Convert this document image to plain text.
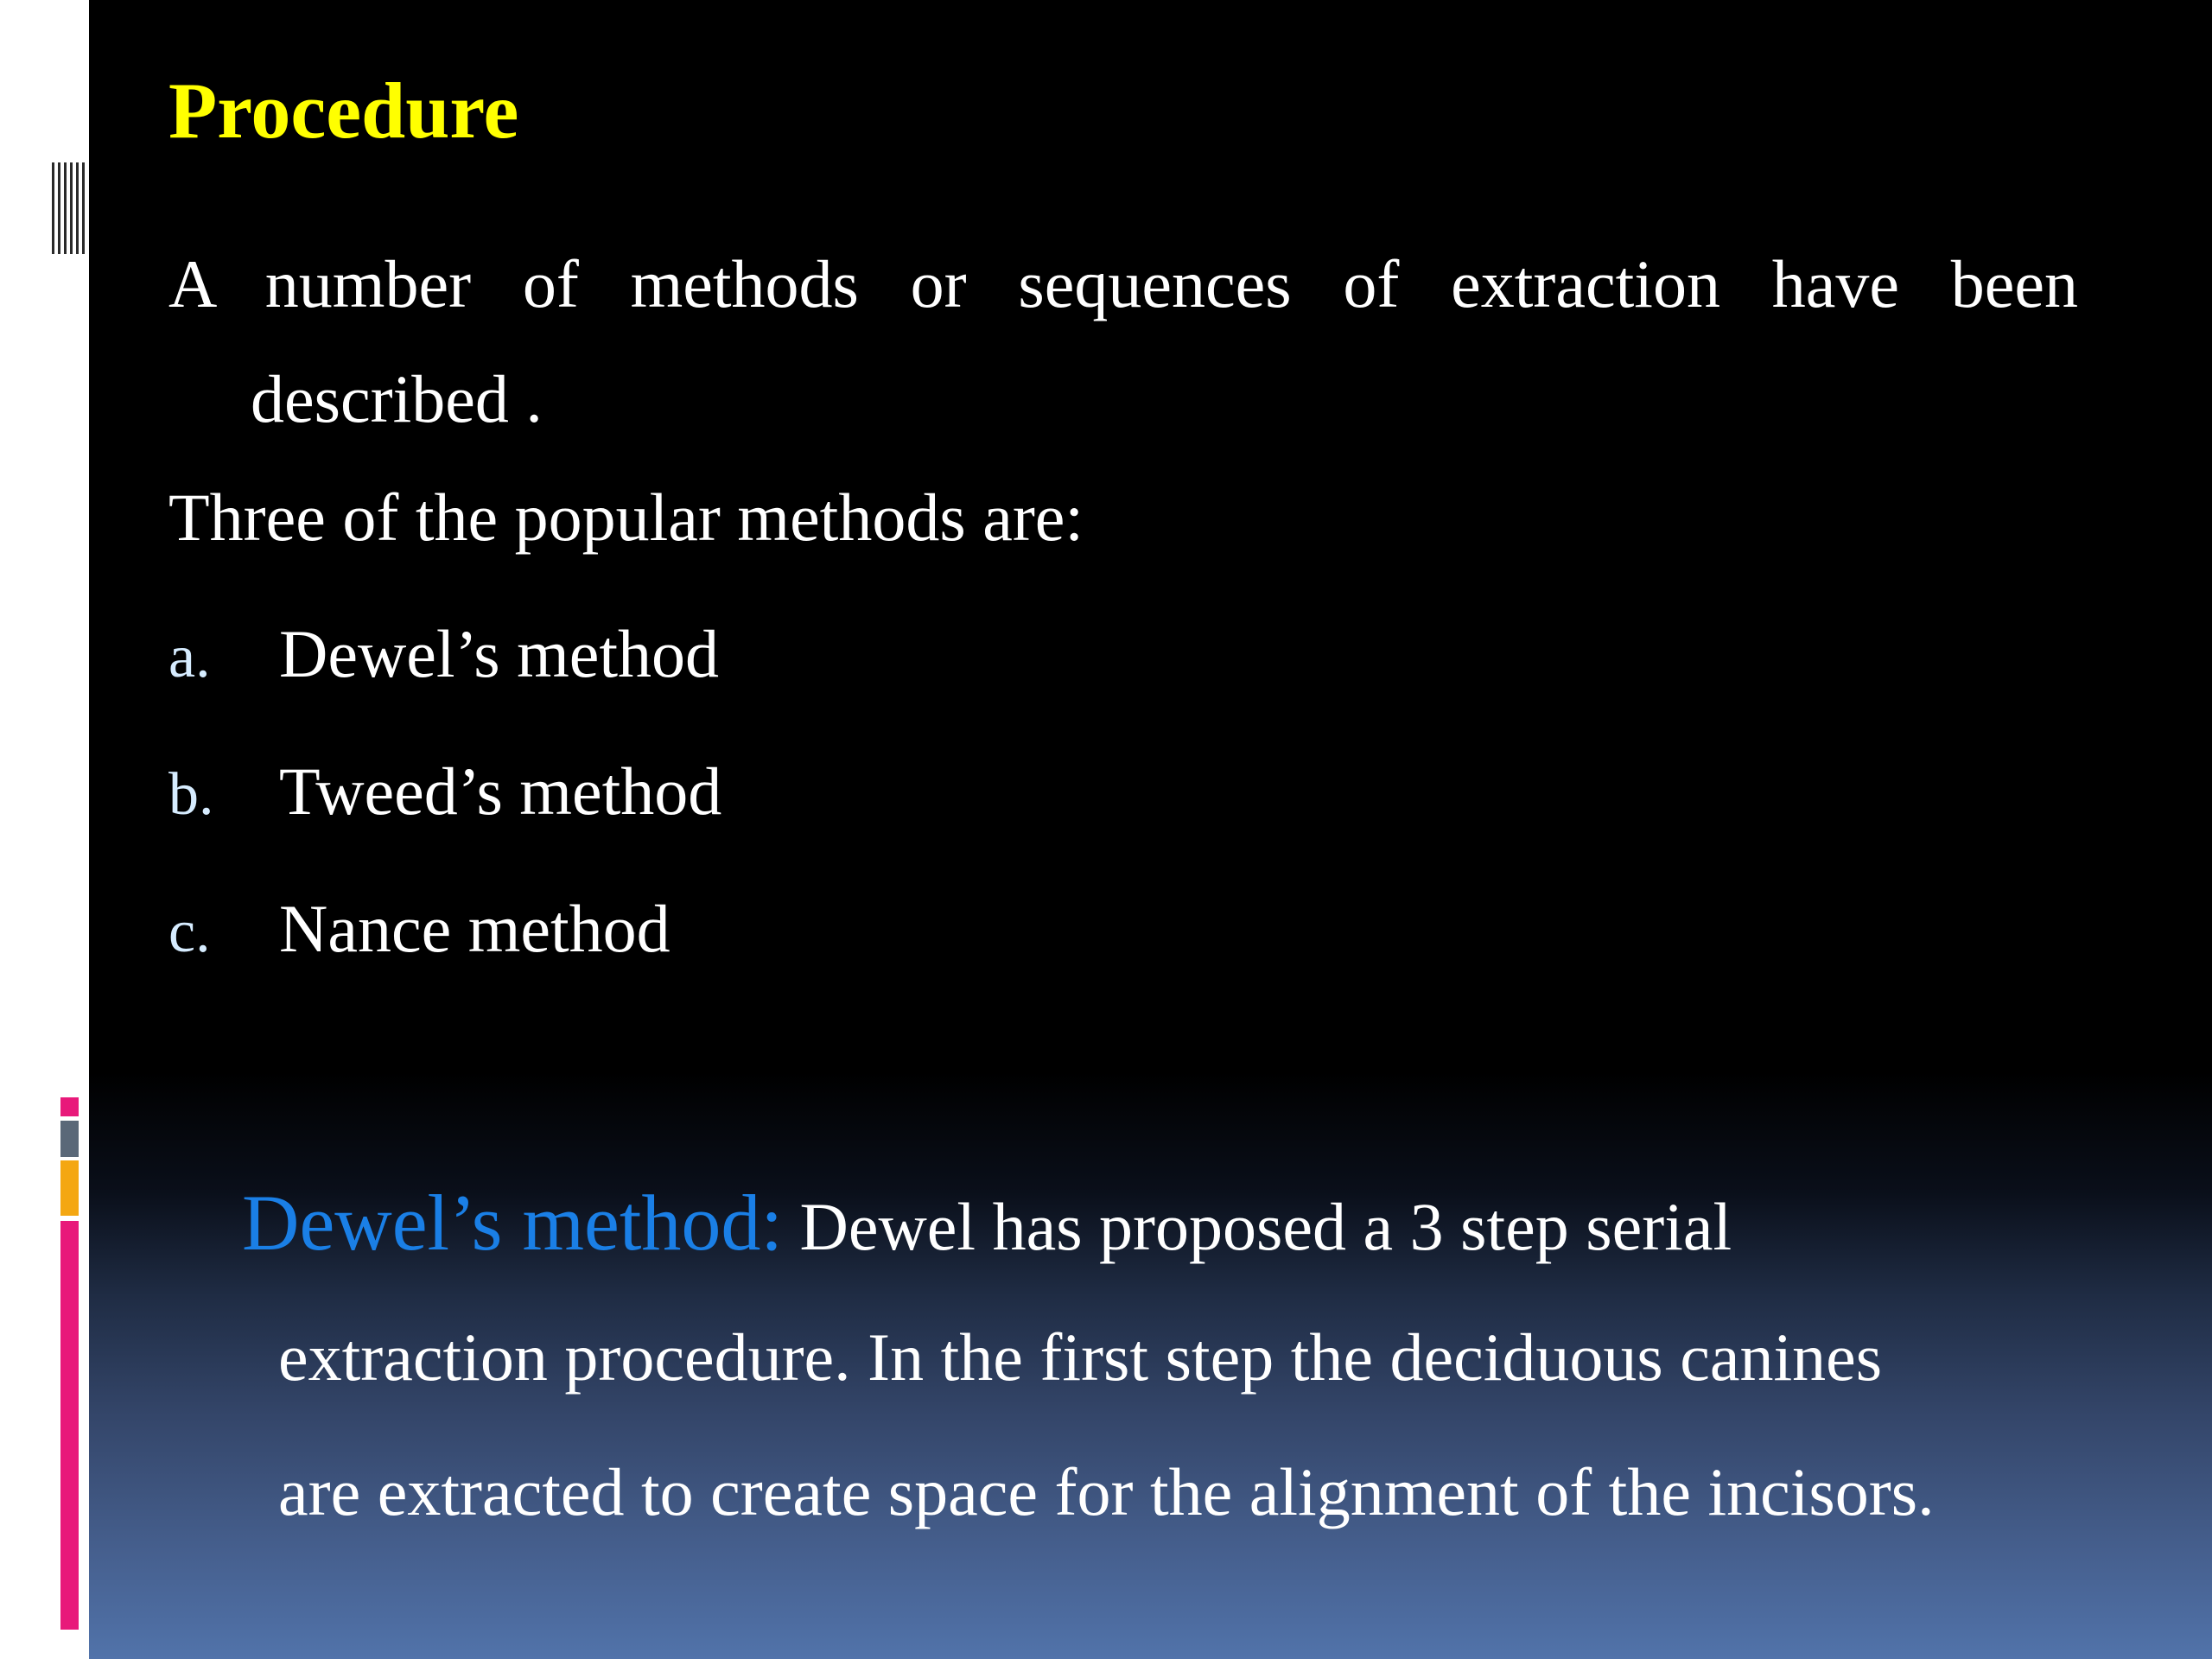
Procedure

A number of methods or sequences of extraction have been
described .

Three of the popular methods are:

a. Dewel’s method
b. Tweed’s method
c. Nance method
Dewel’s method: Dewel has proposed a 3 step serial
extraction procedure. In the first step the deciduous canines
are extracted to create space for the alignment of the incisors.
